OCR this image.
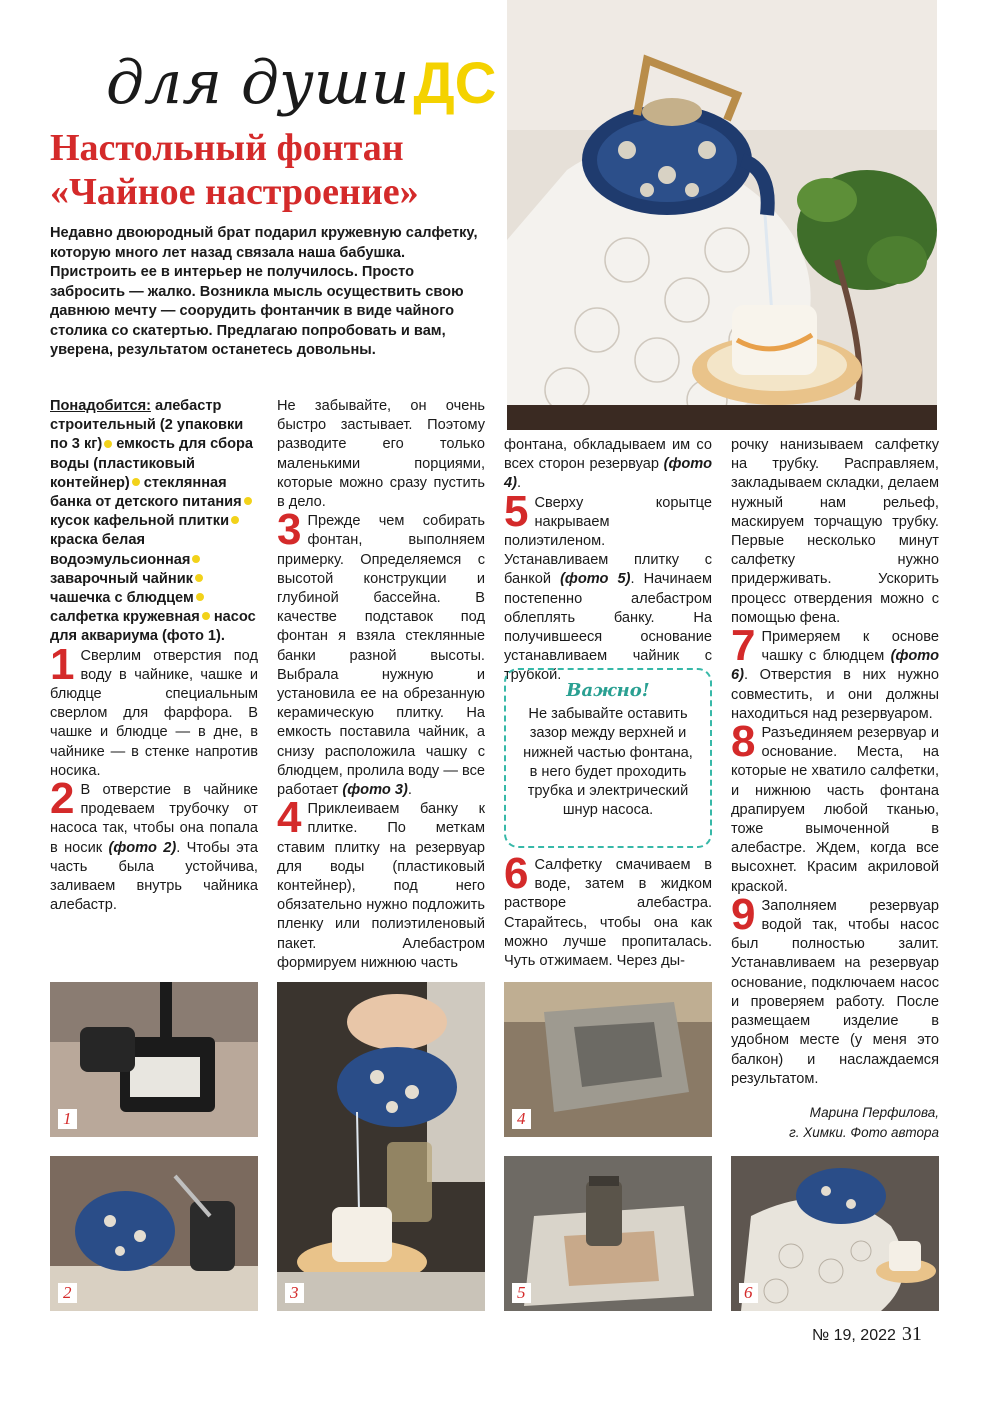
для душиДС
Настольный фонтан
«Чайное настроение»
Недавно двоюродный брат подарил кружевную салфетку, которую много лет назад связала наша бабушка. Пристроить ее в интерьер не получилось. Просто забросить — жалко. Возникла мысль осуществить свою давнюю мечту — соорудить фонтанчик в виде чайного столика со скатертью. Предлагаю попробовать и вам, уверена, результатом останетесь довольны.

Понадобится: алебастр строительный (2 упаковки по 3 кг) емкость для сбора воды (пластиковый контейнер) стеклянная банка от детского питаниякусок кафельной плиткикраска белая водоэмульсионнаязаварочный чайникчашечка с блюдцемсалфетка кружевная насос для аквариума (фото 1).

1 Сверлим отверстия под воду в чайнике, чашке и блюдце специальным сверлом для фарфора. В чашке и блюдце — в дне, в чайнике — в стенке напротив носика.

2 В отверстие в чайнике продеваем трубочку от насоса так, чтобы она попала в носик (фото 2). Чтобы эта часть была устойчива, заливаем внутрь чайника алебастр.

Не забывайте, он очень быстро застывает. Поэтому разводите его только маленькими порциями, которые можно сразу пустить в дело.

3 Прежде чем собирать фонтан, выполняем примерку. Определяемся с высотой конструкции и глубиной бассейна. В качестве подставок под фонтан я взяла стеклянные банки разной высоты. Выбрала нужную и установила ее на обрезанную керамическую плитку. На емкость поставила чайник, а снизу расположила чашку с блюдцем, пролила воду — все работает (фото 3).

4 Приклеиваем банку к плитке. По меткам ставим плитку на резервуар для воды (пластиковый контейнер), под него обязательно нужно подложить пленку или полиэтиленовый пакет. Алебастром формируем нижнюю часть

фонтана, обкладываем им со всех сторон резервуар (фото 4).

5 Сверху корытце накрываем полиэтиленом. Устанавливаем плитку с банкой (фото 5). Начинаем постепенно алебастром облеплять банку. На получившееся основание устанавливаем чайник с трубкой.

Важно!
Не забывайте оставить зазор между верхней и нижней частью фонтана, в него будет проходить трубка и электрический шнур насоса.

6 Салфетку смачиваем в воде, затем в жидком растворе алебастра. Старайтесь, чтобы она как можно лучше пропиталась. Чуть отжимаем. Через ды-

рочку нанизываем салфетку на трубку. Расправляем, закладываем складки, делаем нужный нам рельеф, маскируем торчащую трубку. Первые несколько минут салфетку нужно придерживать. Ускорить процесс отвердения можно с помощью фена.

7 Примеряем к основе чашку с блюдцем (фото 6). Отверстия в них нужно совместить, и они должны находиться над резервуаром.

8 Разъединяем резервуар и основание. Места, на которые не хватило салфетки, и нижнюю часть фонтана драпируем любой тканью, тоже вымоченной в алебастре. Ждем, когда все высохнет. Красим акриловой краской.

9 Заполняем резервуар водой так, чтобы насос был полностью залит. Устанавливаем на резервуар основание, подключаем насос и проверяем работу. После размещаем изделие в удобном месте (у меня это балкон) и наслаждаемся результатом.

Марина Перфилова,
г. Химки. Фото автора
1
2	3
4
5	6
№ 19, 2022 31
